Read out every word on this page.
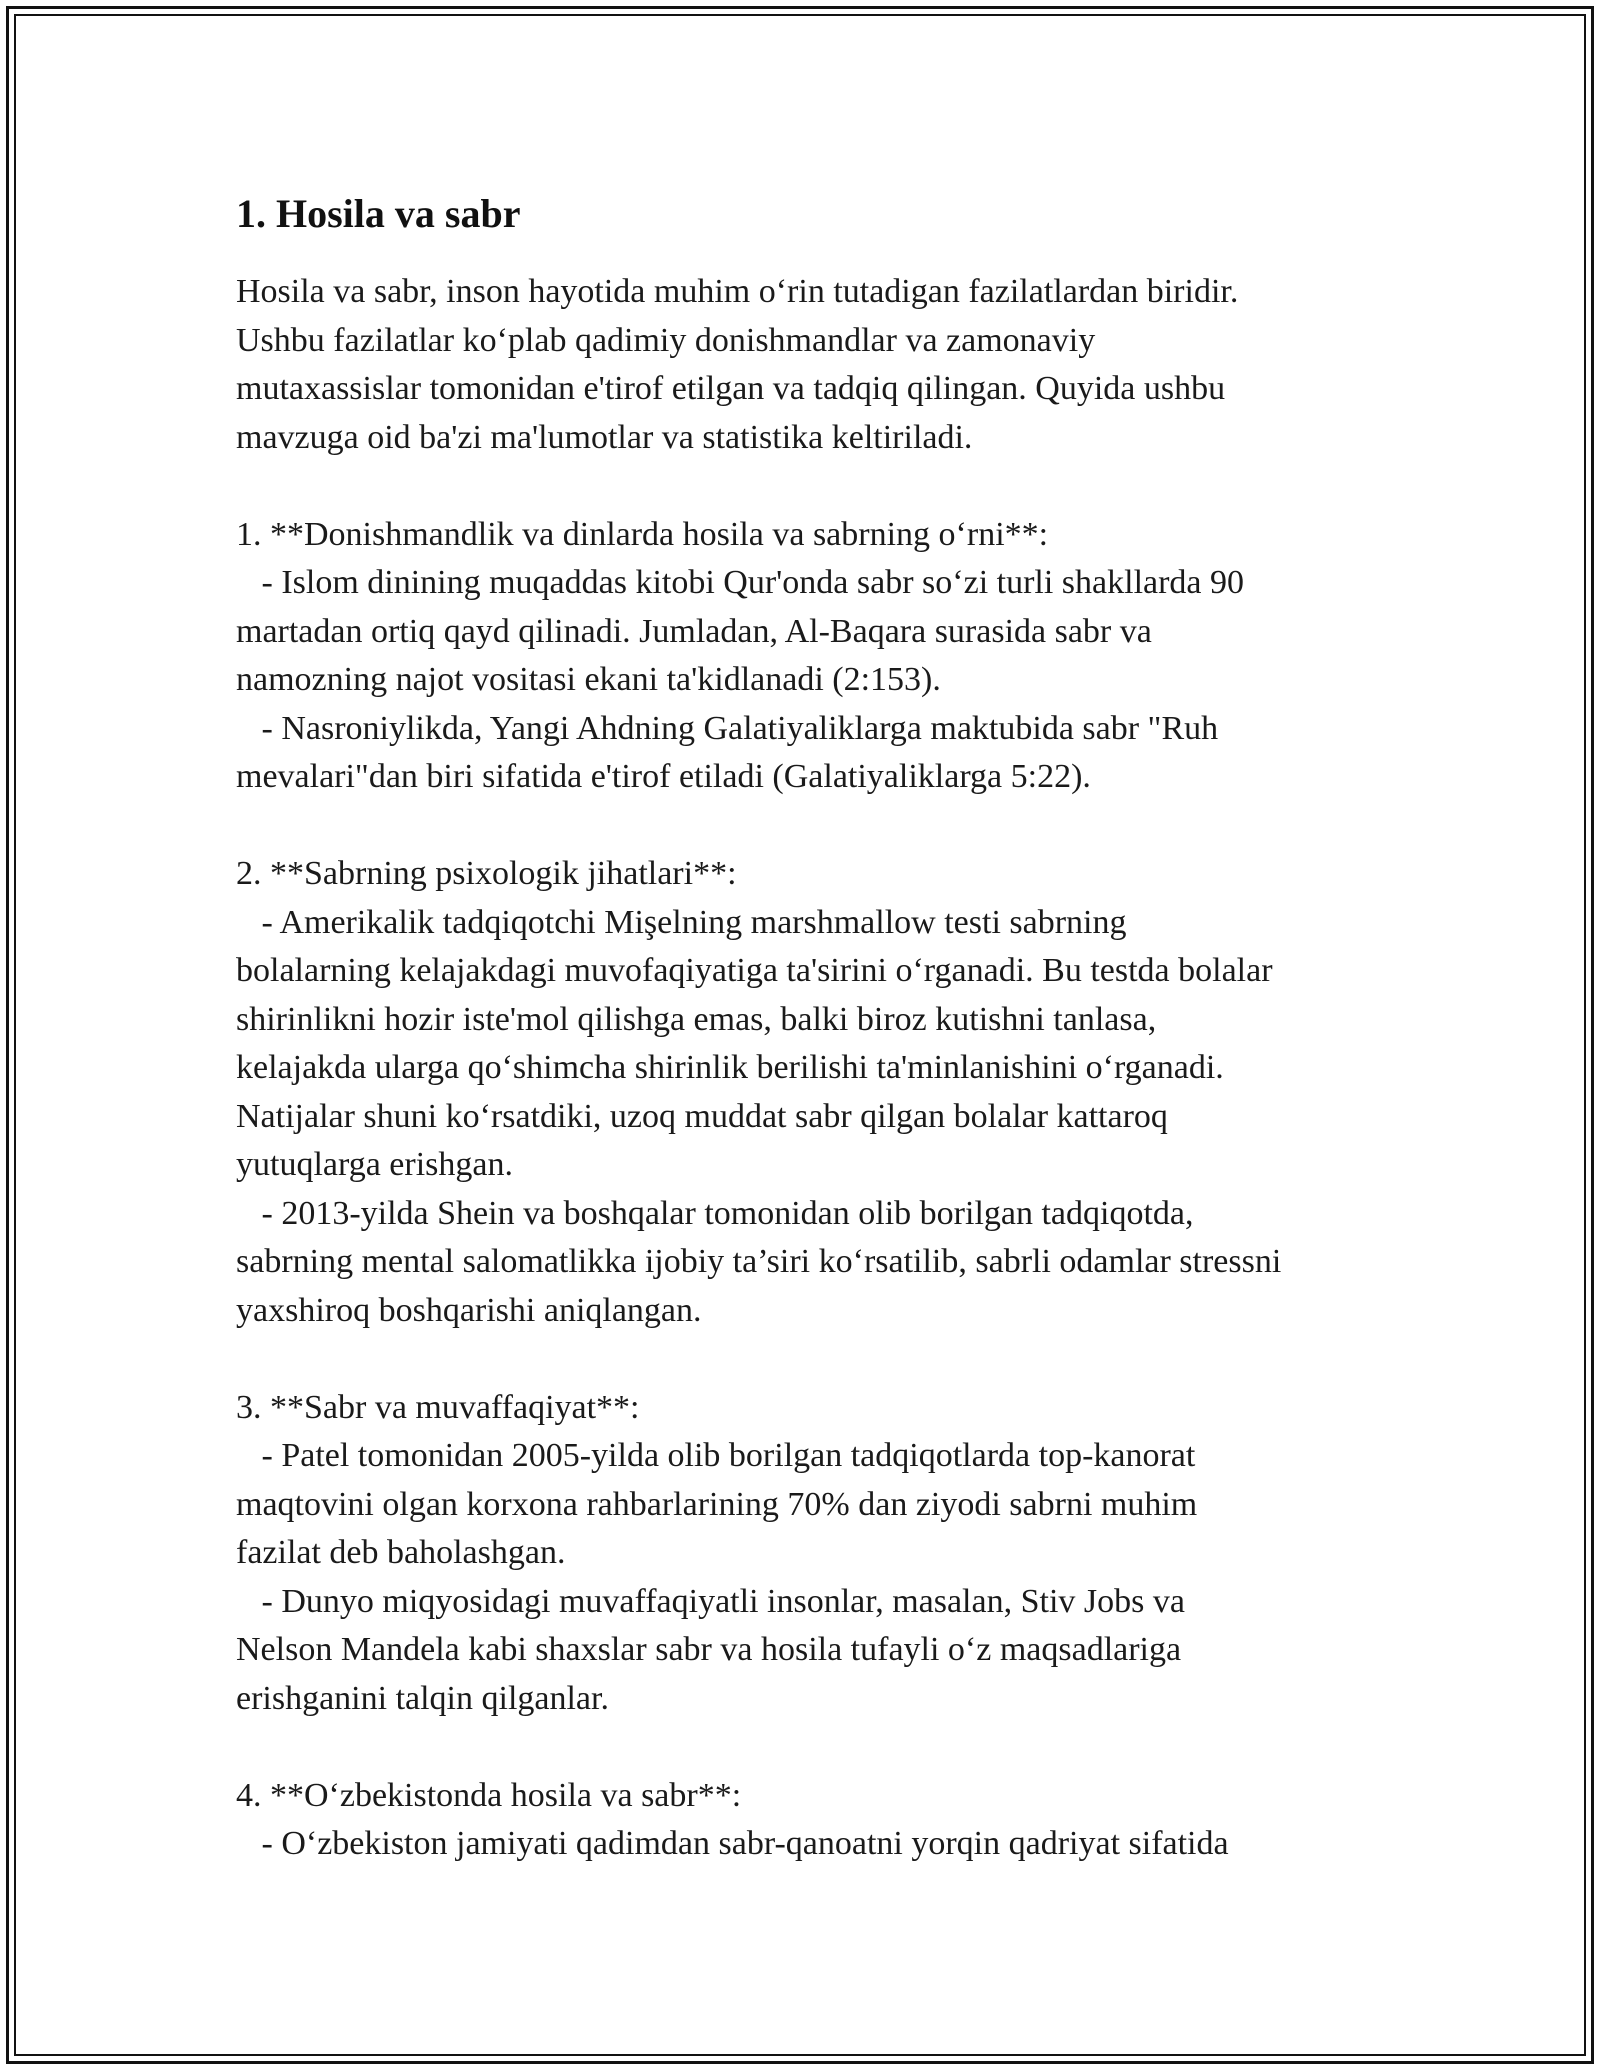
1. Hosila va sabr

Hosila va sabr, inson hayotida muhim o‘rin tutadigan fazilatlardan biridir.
Ushbu fazilatlar ko‘plab qadimiy donishmandlar va zamonaviy
mutaxassislar tomonidan e'tirof etilgan va tadqiq qilingan. Quyida ushbu
mavzuga oid ba'zi ma'lumotlar va statistika keltiriladi.

1. **Donishmandlik va dinlarda hosila va sabrning o‘rni**:
- Islom dinining muqaddas kitobi Qur'onda sabr so‘zi turli shakllarda 90
martadan ortiq qayd qilinadi. Jumladan, Al-Baqara surasida sabr va
namozning najot vositasi ekani ta'kidlanadi (2:153).
- Nasroniylikda, Yangi Ahdning Galatiyaliklarga maktubida sabr "Ruh
mevalari"dan biri sifatida e'tirof etiladi (Galatiyaliklarga 5:22).

2. **Sabrning psixologik jihatlari**:
- Amerikalik tadqiqotchi Mişelning marshmallow testi sabrning
bolalarning kelajakdagi muvofaqiyatiga ta'sirini o‘rganadi. Bu testda bolalar
shirinlikni hozir iste'mol qilishga emas, balki biroz kutishni tanlasa,
kelajakda ularga qo‘shimcha shirinlik berilishi ta'minlanishini o‘rganadi.
Natijalar shuni ko‘rsatdiki, uzoq muddat sabr qilgan bolalar kattaroq
yutuqlarga erishgan.
- 2013-yilda Shein va boshqalar tomonidan olib borilgan tadqiqotda,
sabrning mental salomatlikka ijobiy ta’siri ko‘rsatilib, sabrli odamlar stressni
yaxshiroq boshqarishi aniqlangan.

3. **Sabr va muvaffaqiyat**:
- Patel tomonidan 2005-yilda olib borilgan tadqiqotlarda top-kanorat
maqtovini olgan korxona rahbarlarining 70% dan ziyodi sabrni muhim
fazilat deb baholashgan.
- Dunyo miqyosidagi muvaffaqiyatli insonlar, masalan, Stiv Jobs va
Nelson Mandela kabi shaxslar sabr va hosila tufayli o‘z maqsadlariga
erishganini talqin qilganlar.

4. **O‘zbekistonda hosila va sabr**:
- O‘zbekiston jamiyati qadimdan sabr-qanoatni yorqin qadriyat sifatida
